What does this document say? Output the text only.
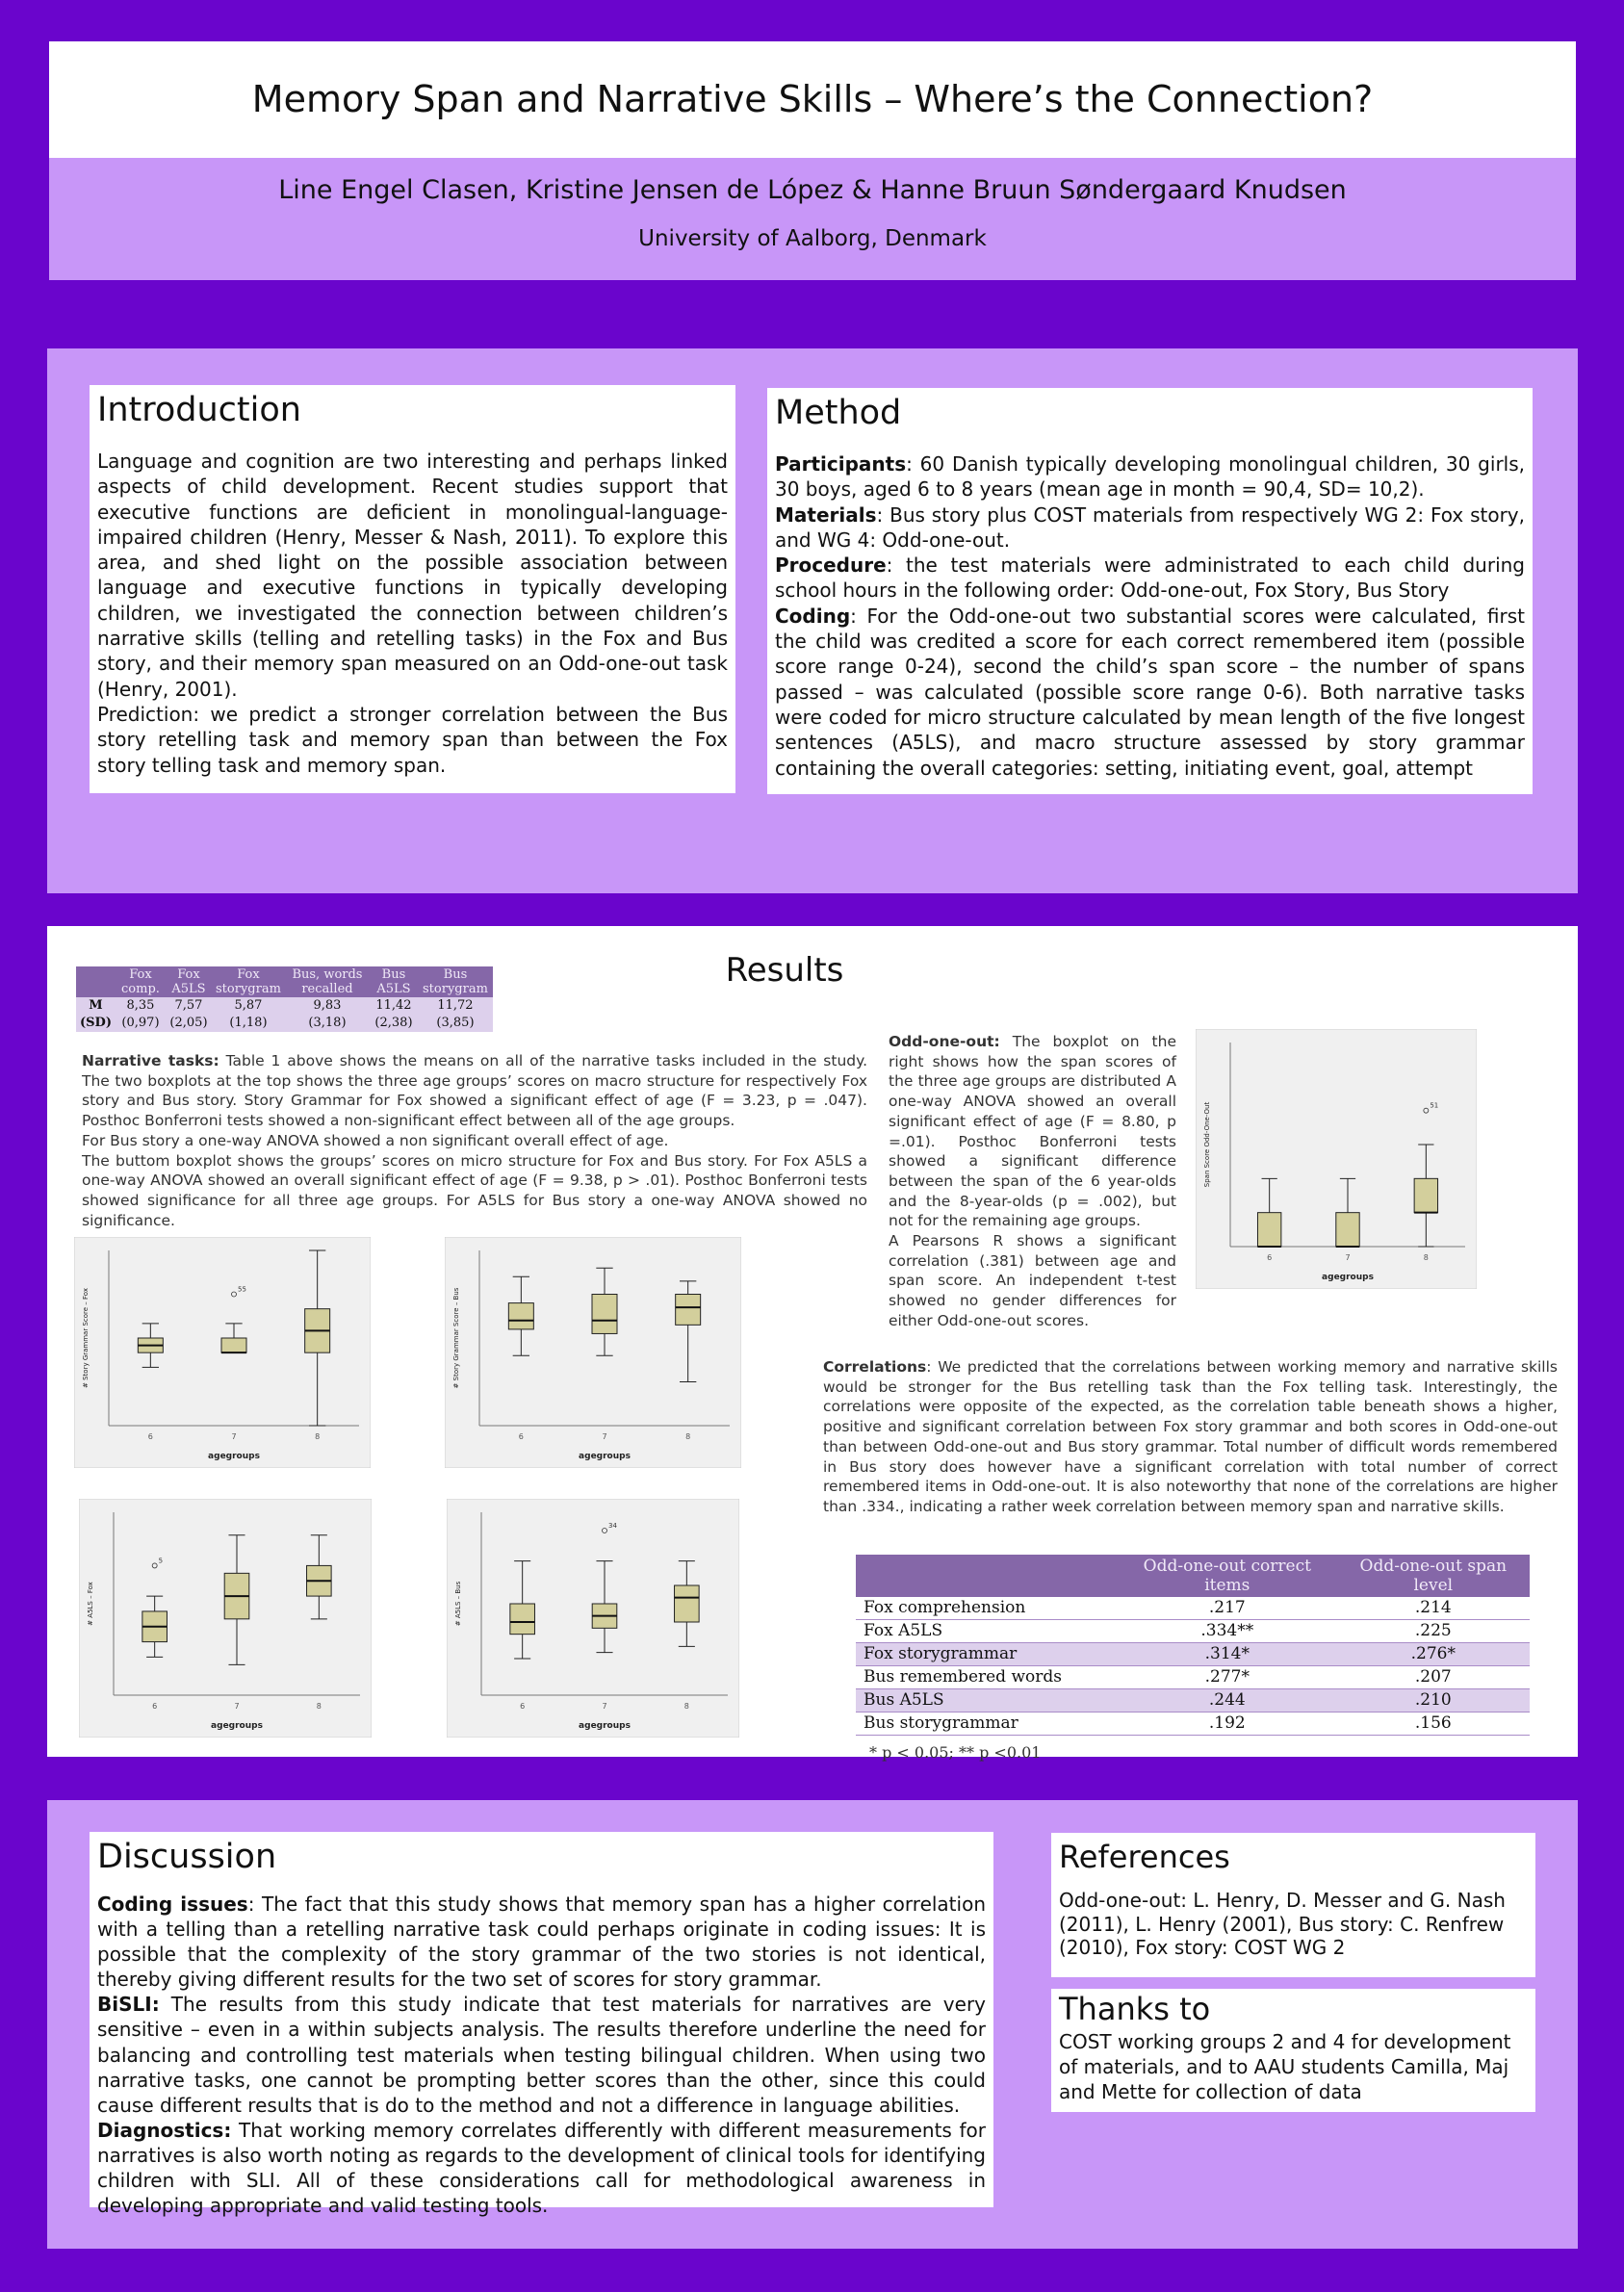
Memory Span and Narrative Skills – Where’s the Connection?
Line Engel Clasen, Kristine Jensen de López & Hanne Bruun Søndergaard Knudsen
University of Aalborg, Denmark
Introduction

Language and cognition are two interesting and perhaps linked aspects of child development. Recent studies support that executive functions are deficient in monolingual-language-impaired children (Henry, Messer & Nash, 2011). To explore this area, and shed light on the possible association between language and executive functions in typically developing children, we investigated the connection between children’s narrative skills (telling and retelling tasks) in the Fox and Bus story, and their memory span measured on an Odd-one-out task (Henry, 2001).

Prediction: we predict a stronger correlation between the Bus story retelling task and memory span than between the Fox story telling task and memory span.

Method

Participants: 60 Danish typically developing monolingual children, 30 girls, 30 boys, aged 6 to 8 years (mean age in month = 90,4, SD= 10,2).

Materials: Bus story plus COST materials from respectively WG 2: Fox story, and WG 4: Odd-one-out.

Procedure: the test materials were administrated to each child during school hours in the following order: Odd-one-out, Fox Story, Bus Story

Coding: For the Odd-one-out two substantial scores were calculated, first the child was credited a score for each correct remembered item (possible score range 0-24), second the child’s span score – the number of spans passed – was calculated (possible score range 0-6). Both narrative tasks were coded for micro structure calculated by mean length of the five longest sentences (A5LS), and macro structure assessed by story grammar containing the overall categories: setting, initiating event, goal, attempt

Results
	Fox comp.	Fox A5LS	Fox storygram	Bus, words recalled	Bus A5LS	Bus storygram
M	8,35	7,57	5,87	9,83	11,42	11,72
(SD)	(0,97)	(2,05)	(1,18)	(3,18)	(2,38)	(3,85)

Narrative tasks: Table 1 above shows the means on all of the narrative tasks included in the study. The two boxplots at the top shows the three age groups’ scores on macro structure for respectively Fox story and Bus story. Story Grammar for Fox showed a significant effect of age (F = 3.23, p = .047). Posthoc Bonferroni tests showed a non-significant effect between all of the age groups.

For Bus story a one-way ANOVA showed a non significant overall effect of age.

The buttom boxplot shows the groups’ scores on micro structure for Fox and Bus story. For Fox A5LS a one-way ANOVA showed an overall significant effect of age (F = 9.38, p > .01). Posthoc Bonferroni tests showed significance for all three age groups. For A5LS for Bus story a one-way ANOVA showed no significance.

6	7	8
55
agegroups
# Story Grammar Score – Fox
6	7	8
agegroups
# Story Grammar Score – Bus
6	7	8
5
agegroups
# A5LS – Fox
6	7	8
34
agegroups
# A5LS – Bus
6	7	8
51
agegroups
Span Score Odd-One-Out

Odd-one-out: The boxplot on the right shows how the span scores of the three age groups are distributed A one-way ANOVA showed an overall significant effect of age (F = 8.80, p =.01). Posthoc Bonferroni tests showed a significant difference between the span of the 6 year-olds and the 8-year-olds (p = .002), but not for the remaining age groups.

A Pearsons R shows a significant correlation (.381) between age and span score. An independent t-test showed no gender differences for either Odd-one-out scores.

Correlations: We predicted that the correlations between working memory and narrative skills would be stronger for the Bus retelling task than the Fox telling task. Interestingly, the correlations were opposite of the expected, as the correlation table beneath shows a higher, positive and significant correlation between Fox story grammar and both scores in Odd-one-out than between Odd-one-out and Bus story grammar. Total number of difficult words remembered in Bus story does however have a significant correlation with total number of correct remembered items in Odd-one-out. It is also noteworthy that none of the correlations are higher than .334., indicating a rather week correlation between memory span and narrative skills.

	Odd-one-out correct items	Odd-one-out span level
Fox comprehension	.217	.214
Fox A5LS	.334**	.225
Fox storygrammar	.314*	.276*
Bus remembered words	.277*	.207
Bus A5LS	.244	.210
Bus storygrammar	.192	.156
* p < 0.05; ** p <0.01
Discussion

Coding issues: The fact that this study shows that memory span has a higher correlation with a telling than a retelling narrative task could perhaps originate in coding issues: It is possible that the complexity of the story grammar of the two stories is not identical, thereby giving different results for the two set of scores for story grammar.

BiSLI: The results from this study indicate that test materials for narratives are very sensitive – even in a within subjects analysis. The results therefore underline the need for balancing and controlling test materials when testing bilingual children. When using two narrative tasks, one cannot be prompting better scores than the other, since this could cause different results that is do to the method and not a difference in language abilities.

Diagnostics: That working memory correlates differently with different measurements for narratives is also worth noting as regards to the development of clinical tools for identifying children with SLI. All of these considerations call for methodological awareness in developing appropriate and valid testing tools.

References
Odd-one-out: L. Henry, D. Messer and G. Nash (2011), L. Henry (2001), Bus story: C. Renfrew (2010), Fox story: COST WG 2
Thanks to
COST working groups 2 and 4 for development of materials, and to AAU students Camilla, Maj and Mette for collection of data
